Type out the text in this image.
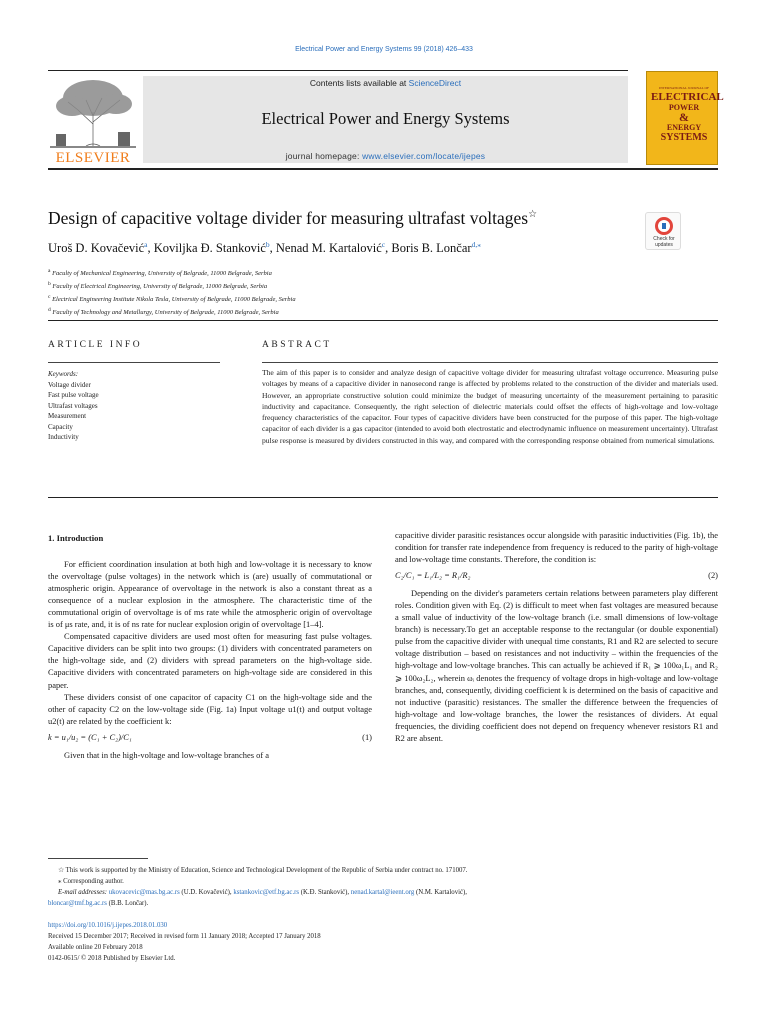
Electrical Power and Energy Systems 99 (2018) 426–433
ELSEVIER
Contents lists available at ScienceDirect
Electrical Power and Energy Systems
journal homepage: www.elsevier.com/locate/ijepes
INTERNATIONAL JOURNAL OF
ELECTRICAL
POWER
&
ENERGY
SYSTEMS
Design of capacitive voltage divider for measuring ultrafast voltages☆
Check for updates
Uroš D. Kovačević$^a$, Koviljka Đ. Stanković$^b$, Nenad M. Kartalović$^c$, Boris B. Lončar$^{d,⁎}$
$^a$ Faculty of Mechanical Engineering, University of Belgrade, 11000 Belgrade, Serbia
$^b$ Faculty of Electrical Engineering, University of Belgrade, 11000 Belgrade, Serbia
$^c$ Electrical Engineering Institute Nikola Tesla, University of Belgrade, 11000 Belgrade, Serbia
$^d$ Faculty of Technology and Metallurgy, University of Belgrade, 11000 Belgrade, Serbia
ARTICLE INFO	ABSTRACT
Keywords:
Voltage divider
Fast pulse voltage
Ultrafast voltages
Measurement
Capacity
Inductivity
The aim of this paper is to consider and analyze design of capacitive voltage divider for measuring ultrafast voltage occurrence. Measuring pulse voltages by means of a capacitive divider in nanosecond range is affected by problems related to the construction of the divider and materials used. However, an appropriate constructive solution could minimize the budget of measuring uncertainty of the measurement pertaining to parasitic inductivity and capacitance. Consequently, the right selection of dielectric materials could offset the effects of high-voltage and low-voltage frequency characteristics of the capacitor. Four types of capacitive dividers have been constructed for the purpose of this paper. The high-voltage capacitor of each divider is a gas capacitor (intended to avoid both electrostatic and electrodynamic influence on measurement uncertainty). Ultrafast pulse response is measured by dividers constructed in this way, and compared with the corresponding response obtained from numerical simulations.
1. Introduction

For efficient coordination insulation at both high and low-voltage it is necessary to know the overvoltage (pulse voltages) in the network which is (are) usually of commutational or atmospheric origin. Appearance of overvoltage in the network is also a constant threat as a consequence of a nuclear explosion in the atmosphere. The characteristic time of the commutational origin of overvoltage is of ms rate while the atmospheric origin of overvoltage is of μs rate, and, it is of ns rate for nuclear explosion origin of overvoltage [1–4].

Compensated capacitive dividers are used most often for measuring fast pulse voltages. Capacitive dividers can be split into two groups: (1) dividers with concentrated parameters on the high-voltage side, and (2) dividers with spread parameters on the high-voltage side. Capacitive dividers with concentrated parameters on high-voltage side are considered in this paper.

These dividers consist of one capacitor of capacity C1 on the high-voltage side and the other of capacity C2 on the low-voltage side (Fig. 1a) Input voltage u1(t) and output voltage u2(t) are related by the coefficient k:

k = u₁/u₂ = (C₁ + C₂)/C₁	(1)

Given that in the high-voltage and low-voltage branches of a

capacitive divider parasitic resistances occur alongside with parasitic inductivities (Fig. 1b), the condition for transfer rate independence from frequency is reduced to the parity of high-voltage and low-voltage time constants. Therefore, the condition is:

C₂/C₁ = L₁/L₂ = R₁/R₂	(2)

Depending on the divider's parameters certain relations between parameters play different roles. Condition given with Eq. (2) is difficult to meet when fast voltages are measured because a small value of inductivity of the low-voltage branch (i.e. small dimensions of low-voltage branch) is necessary.To get an acceptable response to the rectangular (or double exponential) pulse from the capacitive divider with unequal time constants, R1 and R2 are selected to secure voltage distribution – based on resistances and not inductivity – within the frequencies of the high-voltage and low-voltage branches. This can actually be achieved if R₁ ⩾ 100ω₁L₁ and R₂ ⩾ 100ω₂L₂, wherein ωᵢ denotes the frequency of voltage drops in high-voltage and low-voltage branches, and, consequently, dividing coefficient k is determined on the basis of capacitive and not inductive (parasitic) resistances. The smaller the difference between the frequencies of high-voltage and low-voltage branches, the lower the resistances of dividers. At equal frequencies, the dividing coefficient does not depend on frequency whenever resistors R1 and R2 are absent.

☆ This work is supported by the Ministry of Education, Science and Technological Development of the Republic of Serbia under contract no. 171007.
⁎ Corresponding author.
E-mail addresses: ukovacevic@mas.bg.ac.rs (U.D. Kovačević), kstankovic@etf.bg.ac.rs (K.Đ. Stanković), nenad.kartal@ieent.org (N.M. Kartalović),
bloncar@tmf.bg.ac.rs (B.B. Lončar).
https://doi.org/10.1016/j.ijepes.2018.01.030
Received 15 December 2017; Received in revised form 11 January 2018; Accepted 17 January 2018
Available online 20 February 2018
0142-0615/ © 2018 Published by Elsevier Ltd.
